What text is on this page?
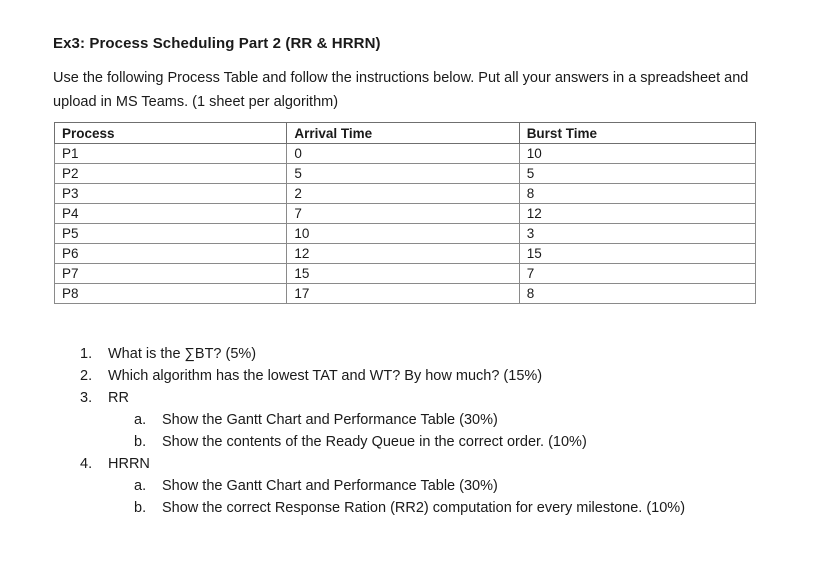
Ex3: Process Scheduling Part 2 (RR & HRRN)
Use the following Process Table and follow the instructions below. Put all your answers in a spreadsheet and upload in MS Teams. (1 sheet per algorithm)
Process	Arrival Time	Burst Time
P1	0	10
P2	5	5
P3	2	8
P4	7	12
P5	10	3
P6	12	15
P7	15	7
P8	17	8
1. What is the ∑BT? (5%)
2. Which algorithm has the lowest TAT and WT? By how much? (15%)
3. RR
a. Show the Gantt Chart and Performance Table (30%)
b. Show the contents of the Ready Queue in the correct order. (10%)
4. HRRN
a. Show the Gantt Chart and Performance Table (30%)
b. Show the correct Response Ration (RR2) computation for every milestone. (10%)
